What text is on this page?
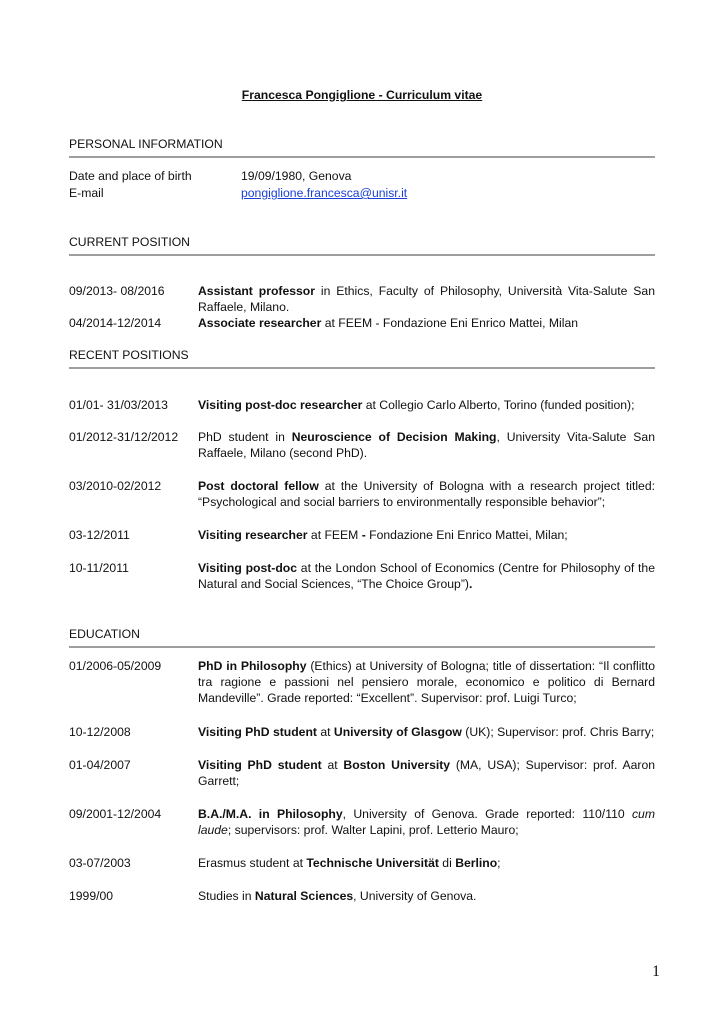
Francesca Pongiglione - Curriculum vitae
PERSONAL INFORMATION
Date and place of birth	19/09/1980, Genova
E-mail	pongiglione.francesca@unisr.it
CURRENT POSITION
09/2013- 08/2016	Assistant professor in Ethics, Faculty of Philosophy, Università Vita-Salute San Raffaele, Milano.
04/2014-12/2014	Associate researcher at FEEM - Fondazione Eni Enrico Mattei, Milan
RECENT POSITIONS
01/01- 31/03/2013	Visiting post-doc researcher at Collegio Carlo Alberto, Torino (funded position);
01/2012-31/12/2012	PhD student in Neuroscience of Decision Making, University Vita-Salute San Raffaele, Milano (second PhD).
03/2010-02/2012	Post doctoral fellow at the University of Bologna with a research project titled: “Psychological and social barriers to environmentally responsible behavior”;
03-12/2011	Visiting researcher at FEEM - Fondazione Eni Enrico Mattei, Milan;
10-11/2011	Visiting post-doc at the London School of Economics (Centre for Philosophy of the Natural and Social Sciences, “The Choice Group”).
EDUCATION
01/2006-05/2009	PhD in Philosophy (Ethics) at University of Bologna; title of dissertation: “Il conflitto tra ragione e passioni nel pensiero morale, economico e politico di Bernard Mandeville”. Grade reported: “Excellent”. Supervisor: prof. Luigi Turco;
10-12/2008	Visiting PhD student at University of Glasgow (UK); Supervisor: prof. Chris Barry;
01-04/2007	Visiting PhD student at Boston University (MA, USA); Supervisor: prof. Aaron Garrett;
09/2001-12/2004	B.A./M.A. in Philosophy, University of Genova. Grade reported: 110/110 cum laude; supervisors: prof. Walter Lapini, prof. Letterio Mauro;
03-07/2003	Erasmus student at Technische Universität di Berlino;
1999/00	Studies in Natural Sciences, University of Genova.
1
